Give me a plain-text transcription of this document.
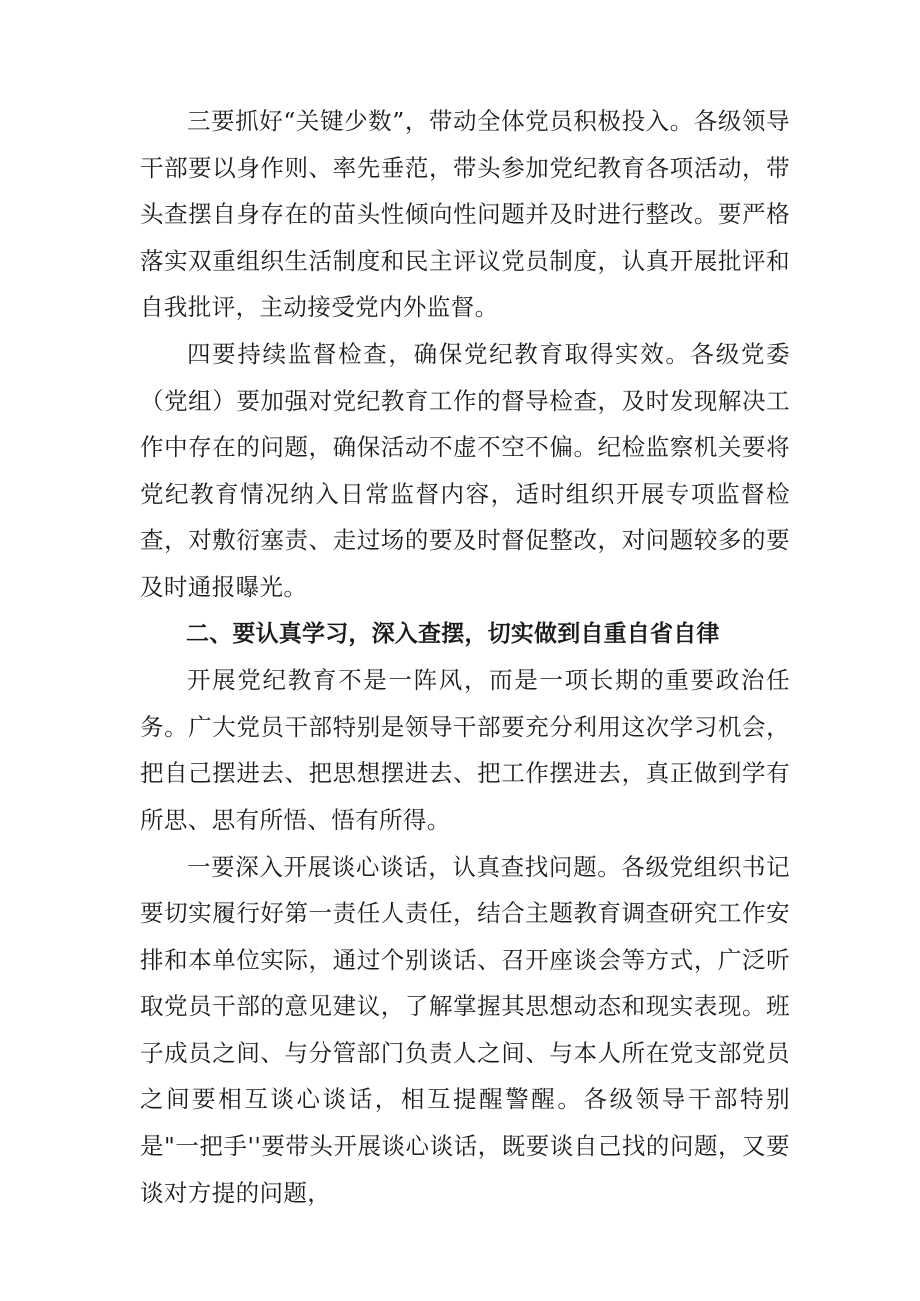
三要抓好“关键少数”，带动全体党员积极投入。各级领导干部要以身作则、率先垂范，带头参加党纪教育各项活动，带头查摆自身存在的苗头性倾向性问题并及时进行整改。要严格落实双重组织生活制度和民主评议党员制度，认真开展批评和自我批评，主动接受党内外监督。

四要持续监督检查，确保党纪教育取得实效。各级党委（党组）要加强对党纪教育工作的督导检查，及时发现解决工作中存在的问题，确保活动不虚不空不偏。纪检监察机关要将党纪教育情况纳入日常监督内容，适时组织开展专项监督检查，对敷衍塞责、走过场的要及时督促整改，对问题较多的要及时通报曝光。

二、要认真学习，深入查摆，切实做到自重自省自律

开展党纪教育不是一阵风，而是一项长期的重要政治任务。广大党员干部特别是领导干部要充分利用这次学习机会，把自己摆进去、把思想摆进去、把工作摆进去，真正做到学有所思、思有所悟、悟有所得。

一要深入开展谈心谈话，认真查找问题。各级党组织书记要切实履行好第一责任人责任，结合主题教育调查研究工作安排和本单位实际，通过个别谈话、召开座谈会等方式，广泛听取党员干部的意见建议，了解掌握其思想动态和现实表现。班子成员之间、与分管部门负责人之间、与本人所在党支部党员之间要相互谈心谈话，相互提醒警醒。各级领导干部特别是"一把手''要带头开展谈心谈话，既要谈自己找的问题，又要谈对方提的问题，
